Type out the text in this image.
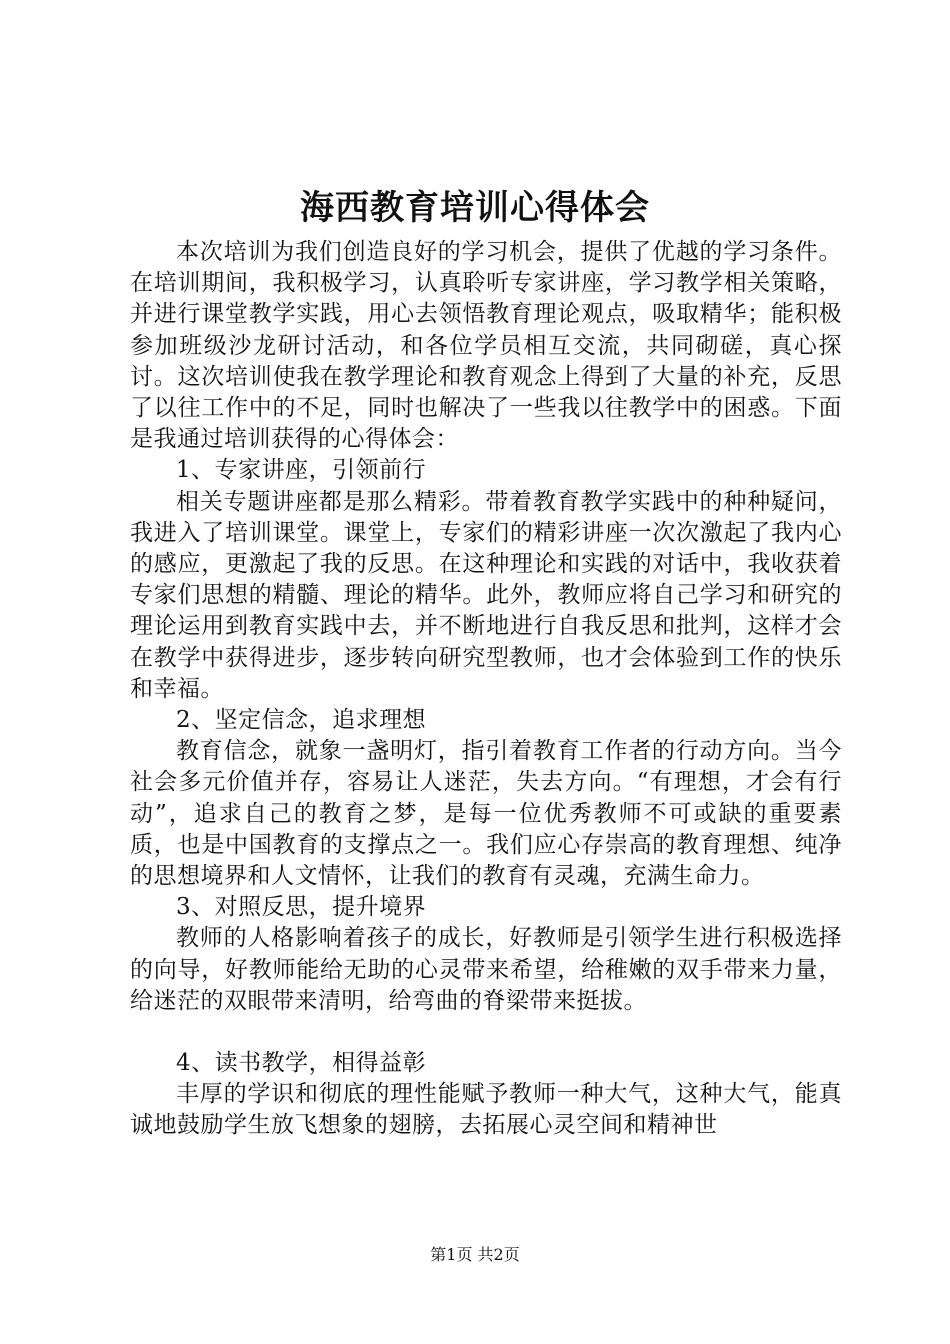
海西教育培训心得体会

本次培训为我们创造良好的学习机会，提供了优越的学习条件。在培训期间，我积极学习，认真聆听专家讲座，学习教学相关策略，并进行课堂教学实践，用心去领悟教育理论观点，吸取精华；能积极参加班级沙龙研讨活动，和各位学员相互交流，共同砌磋，真心探讨。这次培训使我在教学理论和教育观念上得到了大量的补充，反思了以往工作中的不足，同时也解决了一些我以往教学中的困惑。下面是我通过培训获得的心得体会：

1、专家讲座，引领前行

相关专题讲座都是那么精彩。带着教育教学实践中的种种疑问，我进入了培训课堂。课堂上，专家们的精彩讲座一次次激起了我内心的感应，更激起了我的反思。在这种理论和实践的对话中，我收获着专家们思想的精髓、理论的精华。此外，教师应将自己学习和研究的理论运用到教育实践中去，并不断地进行自我反思和批判，这样才会在教学中获得进步，逐步转向研究型教师，也才会体验到工作的快乐和幸福。

2、坚定信念，追求理想

教育信念，就象一盏明灯，指引着教育工作者的行动方向。当今社会多元价值并存，容易让人迷茫，失去方向。“有理想，才会有行动”，追求自己的教育之梦，是每一位优秀教师不可或缺的重要素质，也是中国教育的支撑点之一。我们应心存崇高的教育理想、纯净的思想境界和人文情怀，让我们的教育有灵魂，充满生命力。

3、对照反思，提升境界

教师的人格影响着孩子的成长，好教师是引领学生进行积极选择的向导，好教师能给无助的心灵带来希望，给稚嫩的双手带来力量，给迷茫的双眼带来清明，给弯曲的脊梁带来挺拔。

4、读书教学，相得益彰

丰厚的学识和彻底的理性能赋予教师一种大气，这种大气，能真诚地鼓励学生放飞想象的翅膀，去拓展心灵空间和精神世

第1页 共2页
